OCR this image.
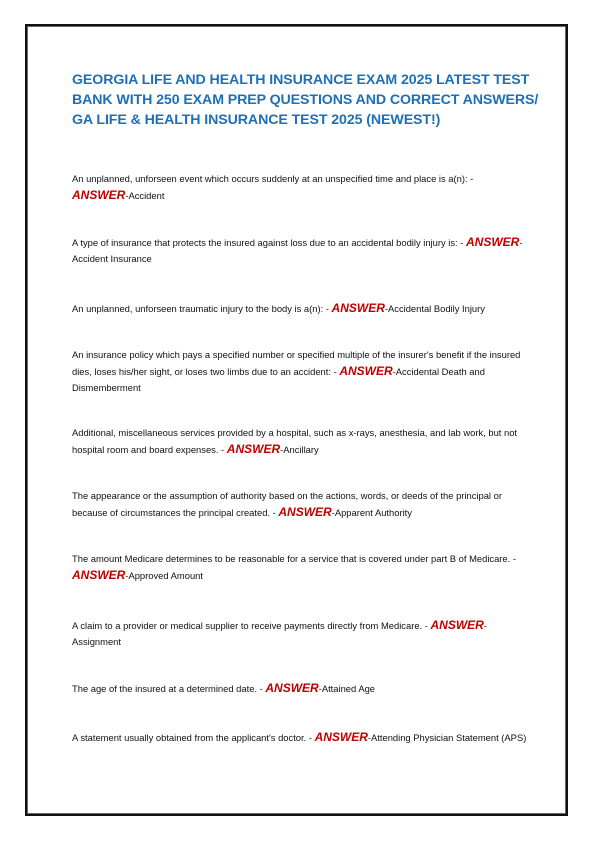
GEORGIA LIFE AND HEALTH INSURANCE EXAM 2025 LATEST TEST BANK WITH 250 EXAM PREP QUESTIONS AND CORRECT ANSWERS/ GA LIFE & HEALTH INSURANCE TEST 2025 (NEWEST!)

An unplanned, unforseen event which occurs suddenly at an unspecified time and place is a(n): - ANSWER-Accident

A type of insurance that protects the insured against loss due to an accidental bodily injury is: - ANSWER-Accident Insurance

An unplanned, unforseen traumatic injury to the body is a(n): - ANSWER-Accidental Bodily Injury

An insurance policy which pays a specified number or specified multiple of the insurer's benefit if the insured dies, loses his/her sight, or loses two limbs due to an accident: - ANSWER-Accidental Death and Dismemberment

Additional, miscellaneous services provided by a hospital, such as x-rays, anesthesia, and lab work, but not hospital room and board expenses. - ANSWER-Ancillary

The appearance or the assumption of authority based on the actions, words, or deeds of the principal or because of circumstances the principal created. - ANSWER-Apparent Authority

The amount Medicare determines to be reasonable for a service that is covered under part B of Medicare. - ANSWER-Approved Amount

A claim to a provider or medical supplier to receive payments directly from Medicare. - ANSWER-Assignment

The age of the insured at a determined date. - ANSWER-Attained Age

A statement usually obtained from the applicant's doctor. - ANSWER-Attending Physician Statement (APS)
